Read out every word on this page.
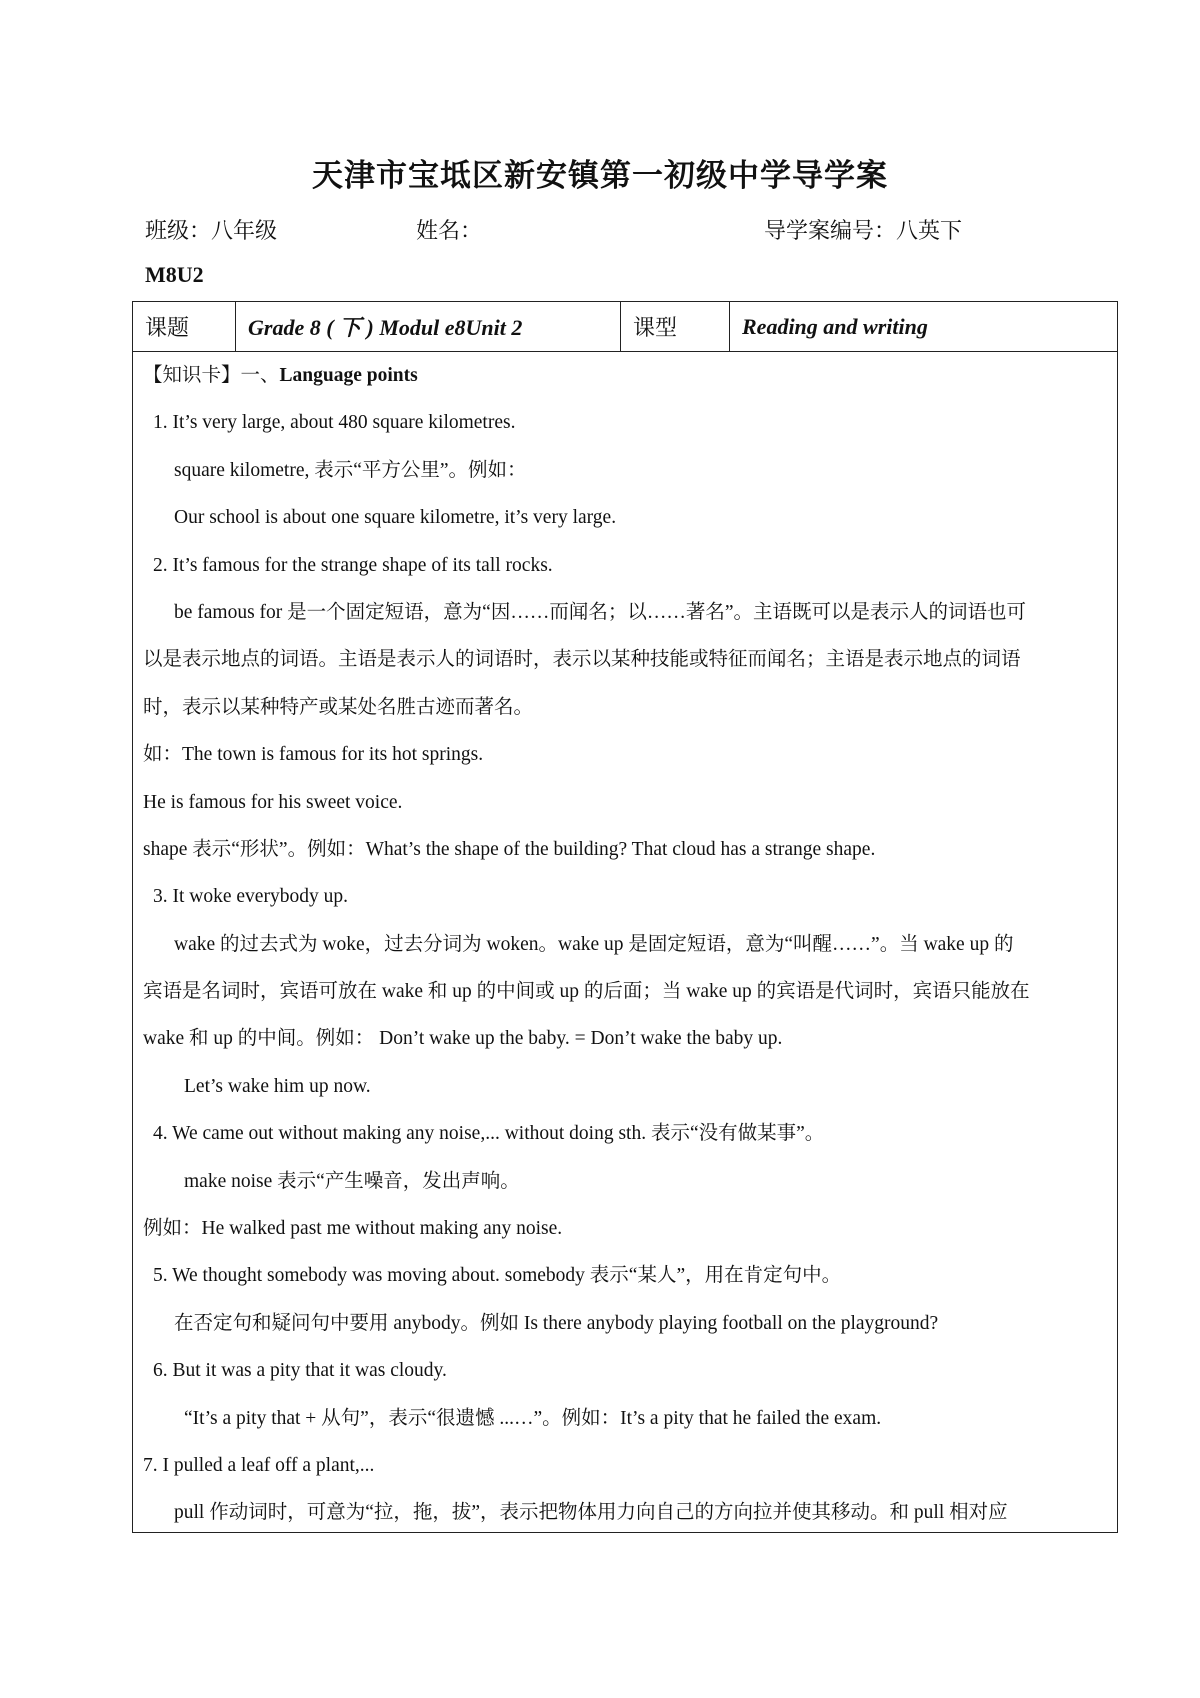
天津市宝坻区新安镇第一初级中学导学案
班级：八年级	姓名：	导学案编号：八英下
M8U2
课题	Grade 8 ( 下 ) Modul e8Unit 2	课型	Reading and writing
【知识卡】一、Language points
1. It’s very large, about 480 square kilometres.
square kilometre, 表示“平方公里”。例如：
Our school is about one square kilometre, it’s very large.
2. It’s famous for the strange shape of its tall rocks.
be famous for 是一个固定短语，意为“因……而闻名；以……著名”。主语既可以是表示人的词语也可
以是表示地点的词语。主语是表示人的词语时，表示以某种技能或特征而闻名；主语是表示地点的词语
时，表示以某种特产或某处名胜古迹而著名。
如：The town is famous for its hot springs.
He is famous for his sweet voice.
shape 表示“形状”。例如：What’s the shape of the building? That cloud has a strange shape.
3. It woke everybody up.
wake 的过去式为 woke，过去分词为 woken。wake up 是固定短语，意为“叫醒……”。当 wake up 的
宾语是名词时，宾语可放在 wake 和 up 的中间或 up 的后面；当 wake up 的宾语是代词时，宾语只能放在
wake 和 up 的中间。例如： Don’t wake up the baby. = Don’t wake the baby up.
Let’s wake him up now.
4. We came out without making any noise,... without doing sth. 表示“没有做某事”。
make noise 表示“产生噪音，发出声响。
例如：He walked past me without making any noise.
5. We thought somebody was moving about. somebody 表示“某人”，用在肯定句中。
在否定句和疑问句中要用 anybody。例如 Is there anybody playing football on the playground?
6. But it was a pity that it was cloudy.
“It’s a pity that + 从句”，表示“很遗憾 ...…”。例如：It’s a pity that he failed the exam.
7. I pulled a leaf off a plant,...
pull 作动词时，可意为“拉，拖，拔”，表示把物体用力向自己的方向拉并使其移动。和 pull 相对应
